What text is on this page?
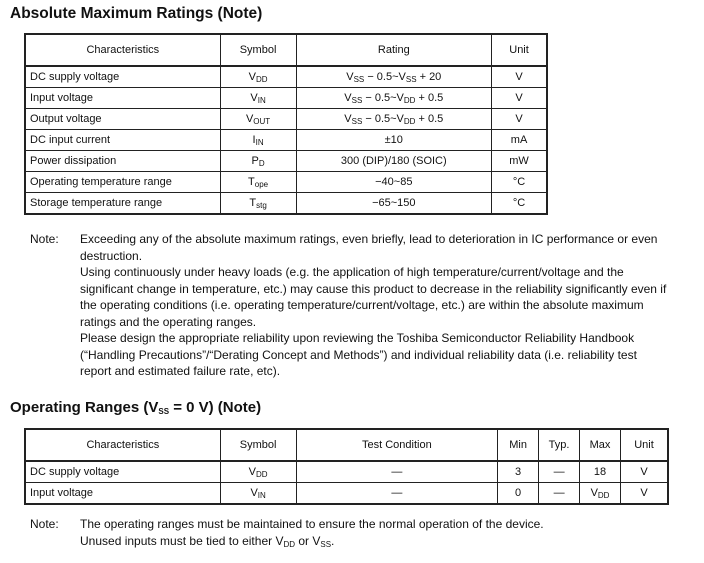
Absolute Maximum Ratings (Note)
Characteristics	Symbol	Rating	Unit
DC supply voltage	$V_{DD}$	$V_{SS}$ − $0.5\sim V_{SS} + 20$	V
Input voltage	$V_{IN}$	$V_{SS}$ − $0.5\sim V_{DD} + 0.5$	V
Output voltage	$V_{OUT}$	$V_{SS}$ − $0.5\sim V_{DD} + 0.5$	V
DC input current	$I_{IN}$	±10	mA
Power dissipation	$P_D$	300 (DIP)/180 (SOIC)	mW
Operating temperature range	$T_{ope}$	−40~85	°C
Storage temperature range	$T_{stg}$	−65~150	°C
Note:	Exceeding any of the absolute maximum ratings, even briefly, lead to deterioration in IC performance or even destruction.

Using continuously under heavy loads (e.g. the application of high temperature/current/voltage and the significant change in temperature, etc.) may cause this product to decrease in the reliability significantly even if the operating conditions (i.e. operating temperature/current/voltage, etc.) are within the absolute maximum ratings and the operating ranges.

Please design the appropriate reliability upon reviewing the Toshiba Semiconductor Reliability Handbook (“Handling Precautions”/“Derating Concept and Methods”) and individual reliability data (i.e. reliability test report and estimated failure rate, etc).

Operating Ranges ($V_{SS} = 0$ V) (Note)
Characteristics	Symbol	Test Condition	Min	Typ.	Max	Unit
DC supply voltage	$V_{DD}$	—	3	—	18	V
Input voltage	$V_{IN}$	—	0	—	$V_{DD}$	V
Note:	The operating ranges must be maintained to ensure the normal operation of the device.

Unused inputs must be tied to either $V_{DD}$ or $V_{SS}$.
